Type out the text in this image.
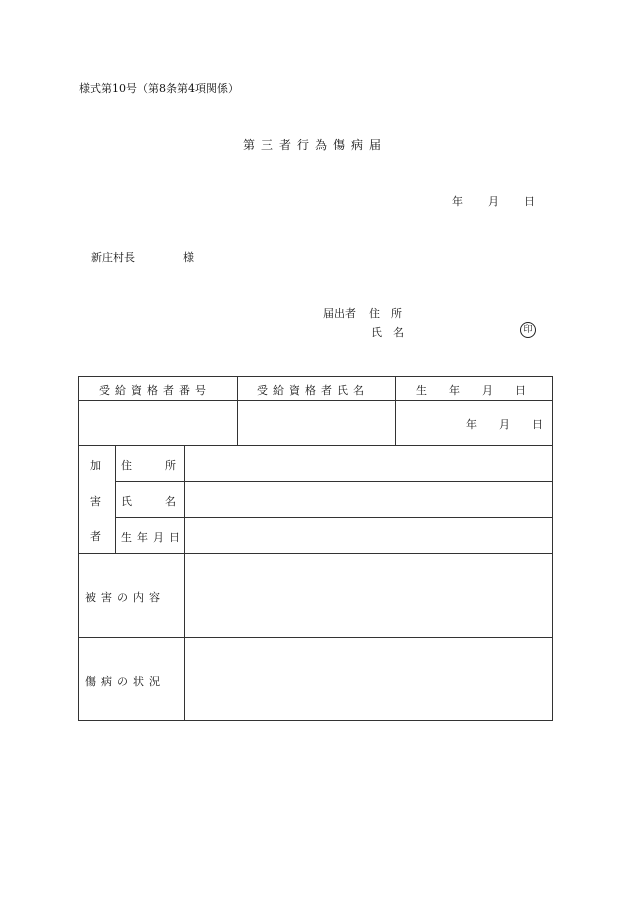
様式第10号（第8条第4項関係）
第三者行為傷病届
年 月 日
新庄村長	様
届出者 住　所
氏　名	印
受給資格者番号	受給資格者氏名	生　　年　　月　　日
年　　月　　日
加
害
者
住　　　所
氏　　　名
生年月日
被害の内容
傷病の状況
